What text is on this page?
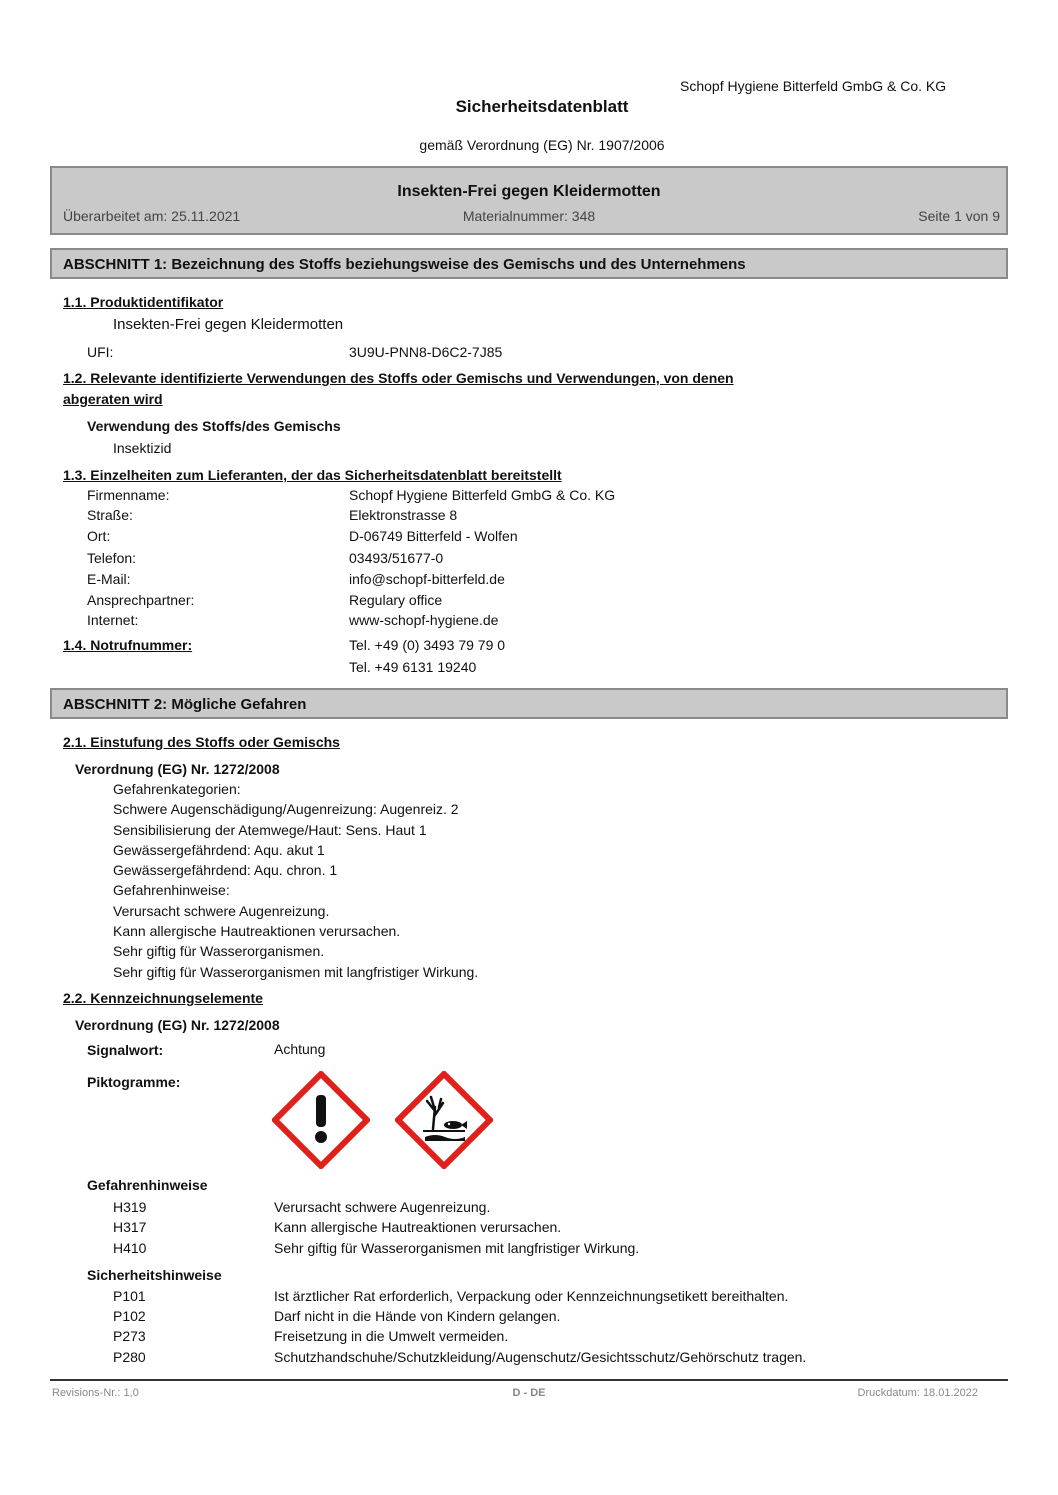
Schopf Hygiene Bitterfeld GmbG & Co. KG
Sicherheitsdatenblatt
gemäß Verordnung (EG) Nr. 1907/2006
Insekten-Frei gegen Kleidermotten
Überarbeitet am: 25.11.2021	Materialnummer: 348	Seite 1 von 9
ABSCHNITT 1: Bezeichnung des Stoffs beziehungsweise des Gemischs und des Unternehmens
1.1. Produktidentifikator
Insekten-Frei gegen Kleidermotten
UFI:	3U9U-PNN8-D6C2-7J85
1.2. Relevante identifizierte Verwendungen des Stoffs oder Gemischs und Verwendungen, von denen
abgeraten wird
Verwendung des Stoffs/des Gemischs
Insektizid
1.3. Einzelheiten zum Lieferanten, der das Sicherheitsdatenblatt bereitstellt
Firmenname:	Schopf Hygiene Bitterfeld GmbG & Co. KG
Straße:	Elektronstrasse 8
Ort:	D-06749 Bitterfeld - Wolfen
Telefon:	03493/51677-0
E-Mail:	info@schopf-bitterfeld.de
Ansprechpartner:	Regulary office
Internet:	www-schopf-hygiene.de
1.4. Notrufnummer:	Tel. +49 (0) 3493 79 79 0
Tel. +49 6131 19240
ABSCHNITT 2: Mögliche Gefahren
2.1. Einstufung des Stoffs oder Gemischs
Verordnung (EG) Nr. 1272/2008
Gefahrenkategorien:
Schwere Augenschädigung/Augenreizung: Augenreiz. 2
Sensibilisierung der Atemwege/Haut: Sens. Haut 1
Gewässergefährdend: Aqu. akut 1
Gewässergefährdend: Aqu. chron. 1
Gefahrenhinweise:
Verursacht schwere Augenreizung.
Kann allergische Hautreaktionen verursachen.
Sehr giftig für Wasserorganismen.
Sehr giftig für Wasserorganismen mit langfristiger Wirkung.
2.2. Kennzeichnungselemente
Verordnung (EG) Nr. 1272/2008
Signalwort:	Achtung
Piktogramme:
Gefahrenhinweise
H319	Verursacht schwere Augenreizung.
H317	Kann allergische Hautreaktionen verursachen.
H410	Sehr giftig für Wasserorganismen mit langfristiger Wirkung.
Sicherheitshinweise
P101	Ist ärztlicher Rat erforderlich, Verpackung oder Kennzeichnungsetikett bereithalten.
P102	Darf nicht in die Hände von Kindern gelangen.
P273	Freisetzung in die Umwelt vermeiden.
P280	Schutzhandschuhe/Schutzkleidung/Augenschutz/Gesichtsschutz/Gehörschutz tragen.
Revisions-Nr.: 1,0	D - DE	Druckdatum: 18.01.2022
